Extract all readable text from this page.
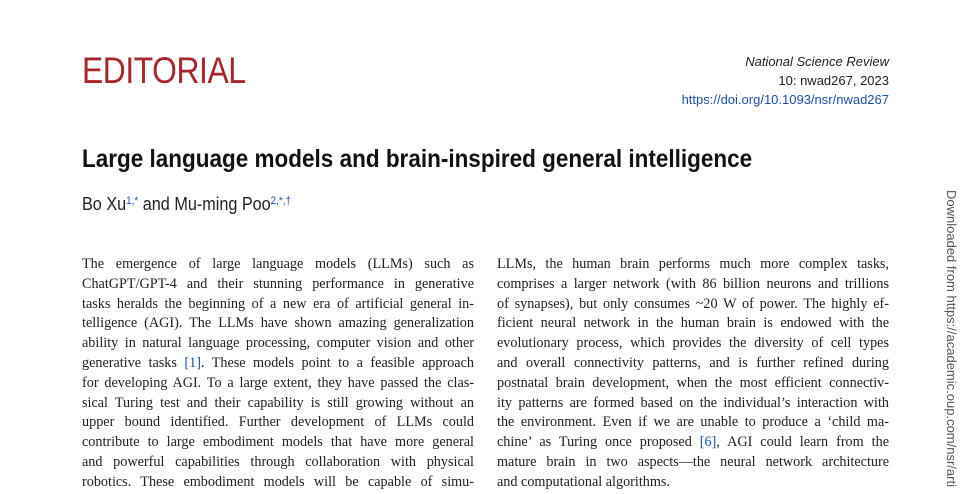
EDITORIAL	National Science Review
10: nwad267, 2023
https://doi.org/10.1093/nsr/nwad267
Large language models and brain-inspired general intelligence
Bo $Xu^{1,*}$ and Mu-ming Poo$^{2,*,\dagger}$
The emergence of large language models (LLMs) such as
ChatGPT/GPT-4 and their stunning performance in generative
tasks heralds the beginning of a new era of artificial general in-
telligence (AGI). The LLMs have shown amazing generalization
ability in natural language processing, computer vision and other
generative tasks [1]. These models point to a feasible approach
for developing AGI. To a large extent, they have passed the clas-
sical Turing test and their capability is still growing without an
upper bound identified. Further development of LLMs could
contribute to large embodiment models that have more general
and powerful capabilities through collaboration with physical
robotics. These embodiment models will be capable of simu-
LLMs, the human brain performs much more complex tasks,
comprises a larger network (with 86 billion neurons and trillions
of synapses), but only consumes ~20 W of power. The highly ef-
ficient neural network in the human brain is endowed with the
evolutionary process, which provides the diversity of cell types
and overall connectivity patterns, and is further refined during
postnatal brain development, when the most efficient connectiv-
ity patterns are formed based on the individual’s interaction with
the environment. Even if we are unable to produce a ‘child ma-
chine’ as Turing once proposed [6], AGI could learn from the
mature brain in two aspects—the neural network architecture
and computational algorithms.	Downloaded from https://academic.oup.com/nsr/arti
